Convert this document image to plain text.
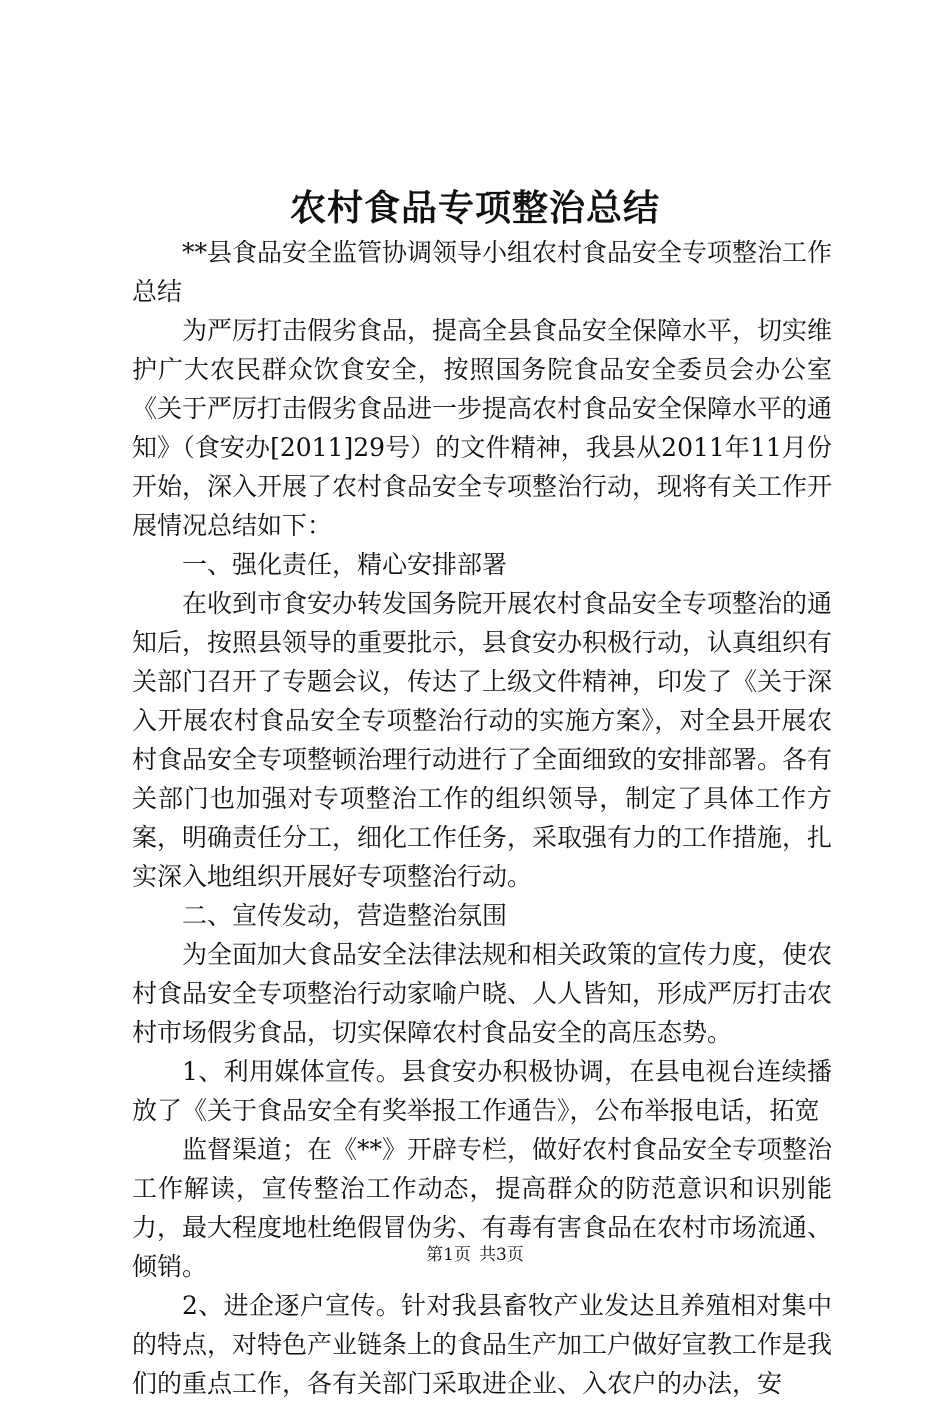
农村食品专项整治总结

**县食品安全监管协调领导小组农村食品安全专项整治工作总结

为严厉打击假劣食品，提高全县食品安全保障水平，切实维护广大农民群众饮食安全，按照国务院食品安全委员会办公室《关于严厉打击假劣食品进一步提高农村食品安全保障水平的通知》（食安办[2011]29号）的文件精神，我县从2011年11月份开始，深入开展了农村食品安全专项整治行动，现将有关工作开展情况总结如下：

一、强化责任，精心安排部署

在收到市食安办转发国务院开展农村食品安全专项整治的通知后，按照县领导的重要批示，县食安办积极行动，认真组织有关部门召开了专题会议，传达了上级文件精神，印发了《关于深入开展农村食品安全专项整治行动的实施方案》，对全县开展农村食品安全专项整顿治理行动进行了全面细致的安排部署。各有关部门也加强对专项整治工作的组织领导，制定了具体工作方案，明确责任分工，细化工作任务，采取强有力的工作措施，扎实深入地组织开展好专项整治行动。

二、宣传发动，营造整治氛围

为全面加大食品安全法律法规和相关政策的宣传力度，使农村食品安全专项整治行动家喻户晓、人人皆知，形成严厉打击农村市场假劣食品，切实保障农村食品安全的高压态势。

1、利用媒体宣传。县食安办积极协调，在县电视台连续播放了《关于食品安全有奖举报工作通告》，公布举报电话，拓宽

监督渠道；在《**》开辟专栏，做好农村食品安全专项整治工作解读，宣传整治工作动态，提高群众的防范意识和识别能力，最大程度地杜绝假冒伪劣、有毒有害食品在农村市场流通、倾销。

2、进企逐户宣传。针对我县畜牧产业发达且养殖相对集中的特点，对特色产业链条上的食品生产加工户做好宣教工作是我们的重点工作，各有关部门采取进企业、入农户的办法，安

第1页 共3页
